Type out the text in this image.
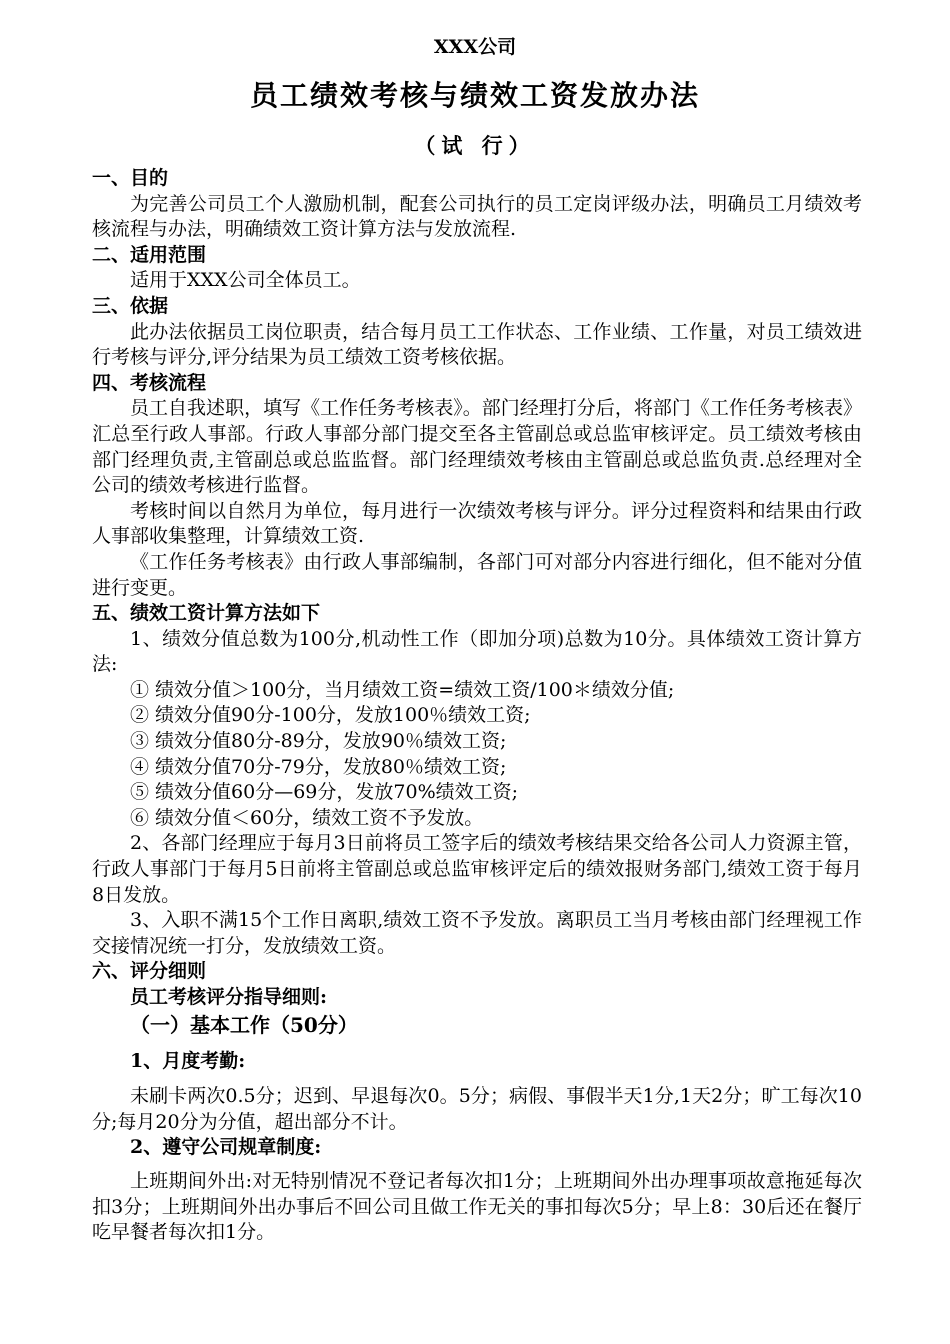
XXX公司
员工绩效考核与绩效工资发放办法
（试 行）

一、目的

为完善公司员工个人激励机制，配套公司执行的员工定岗评级办法，明确员工月绩效考核流程与办法，明确绩效工资计算方法与发放流程.

二、适用范围

适用于XXX公司全体员工。

三、依据

此办法依据员工岗位职责，结合每月员工工作状态、工作业绩、工作量，对员工绩效进行考核与评分,评分结果为员工绩效工资考核依据。

四、考核流程

员工自我述职，填写《工作任务考核表》。部门经理打分后，将部门《工作任务考核表》汇总至行政人事部。行政人事部分部门提交至各主管副总或总监审核评定。员工绩效考核由部门经理负责,主管副总或总监监督。部门经理绩效考核由主管副总或总监负责.总经理对全公司的绩效考核进行监督。

考核时间以自然月为单位，每月进行一次绩效考核与评分。评分过程资料和结果由行政人事部收集整理，计算绩效工资.

《工作任务考核表》由行政人事部编制，各部门可对部分内容进行细化，但不能对分值进行变更。

五、绩效工资计算方法如下

1、绩效分值总数为100分,机动性工作（即加分项)总数为10分。具体绩效工资计算方法:

① 绩效分值＞100分，当月绩效工资=绩效工资/100＊绩效分值;

② 绩效分值90分-100分，发放100％绩效工资;

③ 绩效分值80分-89分，发放90％绩效工资;

④ 绩效分值70分-79分，发放80％绩效工资;

⑤ 绩效分值60分—69分，发放70%绩效工资;

⑥ 绩效分值＜60分，绩效工资不予发放。

2、各部门经理应于每月3日前将员工签字后的绩效考核结果交给各公司人力资源主管，行政人事部门于每月5日前将主管副总或总监审核评定后的绩效报财务部门,绩效工资于每月8日发放。

3、入职不满15个工作日离职,绩效工资不予发放。离职员工当月考核由部门经理视工作交接情况统一打分，发放绩效工资。

六、评分细则

员工考核评分指导细则:

（一）基本工作（50分）

1、月度考勤:

未刷卡两次0.5分；迟到、早退每次0。5分；病假、事假半天1分,1天2分；旷工每次10分;每月20分为分值，超出部分不计。

2、遵守公司规章制度:

上班期间外出:对无特别情况不登记者每次扣1分；上班期间外出办理事项故意拖延每次扣3分；上班期间外出办事后不回公司且做工作无关的事扣每次5分；早上8：30后还在餐厅吃早餐者每次扣1分。
